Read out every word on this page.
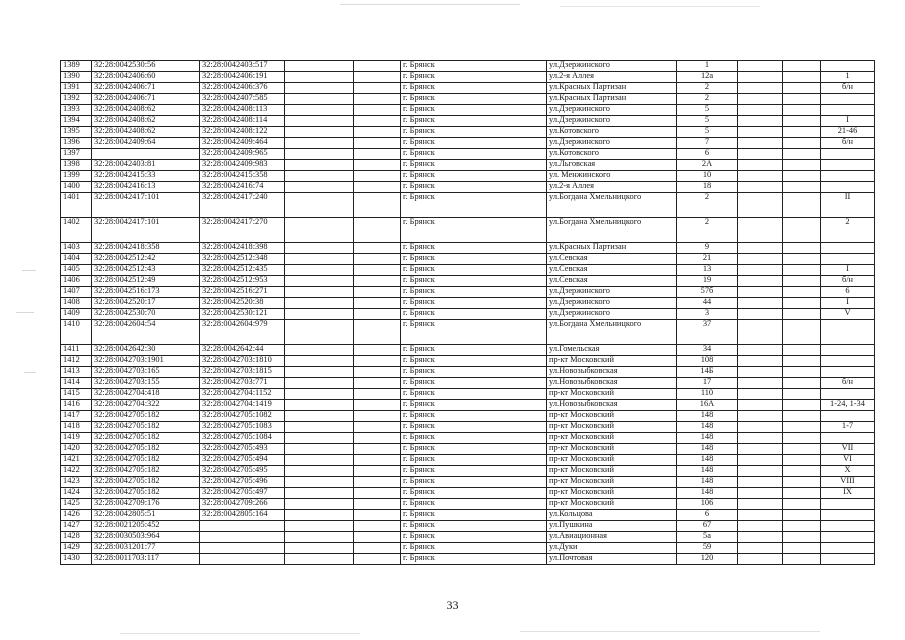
1389	32:28:0042530:56	32:28:0042403:517			г. Брянск	ул.Дзержинского	1			
1390	32:28:0042406:60	32:28:0042406:191			г. Брянск	ул.2-я Аллея	12а			1
1391	32:28:0042406:71	32:28:0042406:376			г. Брянск	ул.Красных Партизан	2			б/н
1392	32:28:0042406:71	32:28:0042407:585			г. Брянск	ул.Красных Партизан	2			
1393	32:28:0042408:62	32:28:0042408:113			г. Брянск	ул.Дзержинского	5			
1394	32:28:0042408:62	32:28:0042408:114			г. Брянск	ул.Дзержинского	5			I
1395	32:28:0042408:62	32:28:0042408:122			г. Брянск	ул.Котовского	5			21-46
1396	32:28:0042409:64	32:28:0042409:464			г. Брянск	ул.Дзержинского	7			б/н
1397		32:28:0042409:965			г. Брянск	ул.Котовского	6			
1398	32:28:0042403:81	32:28:0042409:983			г. Брянск	ул.Льговская	2А			
1399	32:28:0042415:33	32:28:0042415:358			г. Брянск	ул. Менжинского	10			
1400	32:28:0042416:13	32:28:0042416:74			г. Брянск	ул.2-я Аллея	18			
1401	32:28:0042417:101	32:28:0042417:240			г. Брянск	ул.Богдана Хмельницкого	2			II
1402	32:28:0042417:101	32:28:0042417:270			г. Брянск	ул.Богдана Хмельницкого	2			2
1403	32:28:0042418:358	32:28:0042418:398			г. Брянск	ул.Красных Партизан	9			
1404	32:28:0042512:42	32:28:0042512:348			г. Брянск	ул.Севская	21			
1405	32:28:0042512:43	32:28:0042512:435			г. Брянск	ул.Севская	13			I
1406	32:28:0042512:49	32:28:0042512:953			г. Брянск	ул.Севская	19			б/н
1407	32:28:0042516:173	32:28:0042516:271			г. Брянск	ул.Дзержинского	57б			6
1408	32:28:0042520:17	32:28:0042520:38			г. Брянск	ул.Дзержинского	44			I
1409	32:28:0042530:70	32:28:0042530:121			г. Брянск	ул.Дзержинского	3			V
1410	32:28:0042604:54	32:28:0042604:979			г. Брянск	ул.Богдана Хмельницкого	37			
1411	32:28:0042642:30	32:28:0042642:44			г. Брянск	ул.Гомельская	34			
1412	32:28:0042703:1901	32:28:0042703:1810			г. Брянск	пр-кт Московский	108			
1413	32:28:0042703:165	32:28:0042703:1815			г. Брянск	ул.Новозыбковская	14Б			
1414	32:28:0042703:155	32:28:0042703:771			г. Брянск	ул.Новозыбковская	17			б/н
1415	32:28:0042704:418	32:28:0042704:1152			г. Брянск	пр-кт Московский	110			
1416	32:28:0042704:322	32:28:0042704:1419			г. Брянск	ул.Новозыбковская	16А			1-24, 1-34
1417	32:28:0042705:182	32:28:0042705:1082			г. Брянск	пр-кт Московский	148			
1418	32:28:0042705:182	32:28:0042705:1083			г. Брянск	пр-кт Московский	148			1-7
1419	32:28:0042705:182	32:28:0042705:1084			г. Брянск	пр-кт Московский	148			
1420	32:28:0042705:182	32:28:0042705:493			г. Брянск	пр-кт Московский	148			VII
1421	32:28:0042705:182	32:28:0042705:494			г. Брянск	пр-кт Московский	148			VI
1422	32:28:0042705:182	32:28:0042705:495			г. Брянск	пр-кт Московский	148			X
1423	32:28:0042705:182	32:28:0042705:496			г. Брянск	пр-кт Московский	148			VIII
1424	32:28:0042705:182	32:28:0042705:497			г. Брянск	пр-кт Московский	148			IX
1425	32:28:0042709:176	32:28:0042709:266			г. Брянск	пр-кт Московский	106			
1426	32:28:0042805:51	32:28:0042805:164			г. Брянск	ул.Кольцова	6			
1427	32:28:0021205:452				г. Брянск	ул.Пушкина	67			
1428	32:28:0030503:964				г. Брянск	ул.Авиационная	5а			
1429	32:28:0031201:77				г. Брянск	ул.Дуки	59			
1430	32:28:0011703:117				г. Брянск	ул.Почтовая	120			
33
